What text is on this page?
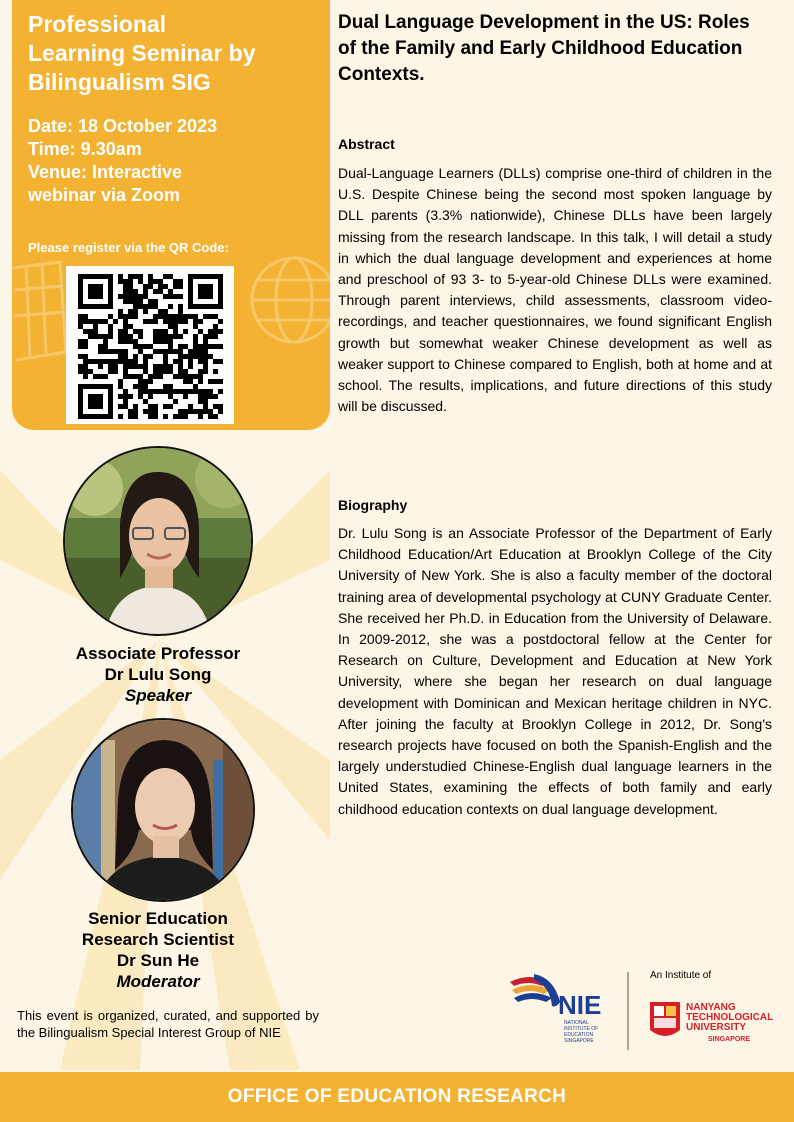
Professional
Learning Seminar by
Bilingualism SIG
Date: 18 October 2023
Time: 9.30am
Venue: Interactive
webinar via Zoom
Please register via the QR Code:
Associate Professor
Dr Lulu Song
Speaker
Senior Education
Research Scientist
Dr Sun He
Moderator

This event is organized, curated, and supported by the Bilingualism Special Interest Group of NIE

Dual Language Development in the US: Roles of the Family and Early Childhood Education Contexts.
Abstract

Dual-Language Learners (DLLs) comprise one-third of children in the U.S. Despite Chinese being the second most spoken language by DLL parents (3.3% nationwide), Chinese DLLs have been largely missing from the research landscape. In this talk, I will detail a study in which the dual language development and experiences at home and preschool of 93 3- to 5-year-old Chinese DLLs were examined. Through parent interviews, child assessments, classroom video-recordings, and teacher questionnaires, we found significant English growth but somewhat weaker Chinese development as well as weaker support to Chinese compared to English, both at home and at school. The results, implications, and future directions of this study will be discussed.

Biography

Dr. Lulu Song is an Associate Professor of the Department of Early Childhood Education/Art Education at Brooklyn College of the City University of New York. She is also a faculty member of the doctoral training area of developmental psychology at CUNY Graduate Center. She received her Ph.D. in Education from the University of Delaware. In 2009-2012, she was a postdoctoral fellow at the Center for Research on Culture, Development and Education at New York University, where she began her research on dual language development with Dominican and Mexican heritage children in NYC. After joining the faculty at Brooklyn College in 2012, Dr. Song's research projects have focused on both the Spanish-English and the largely understudied Chinese-English dual language learners in the United States, examining the effects of both family and early childhood education contexts on dual language development.

NIE
NATIONAL
INSTITUTE OF
EDUCATION
SINGAPORE
An Institute of
NANYANG
TECHNOLOGICAL
UNIVERSITY
SINGAPORE
OFFICE OF EDUCATION RESEARCH
